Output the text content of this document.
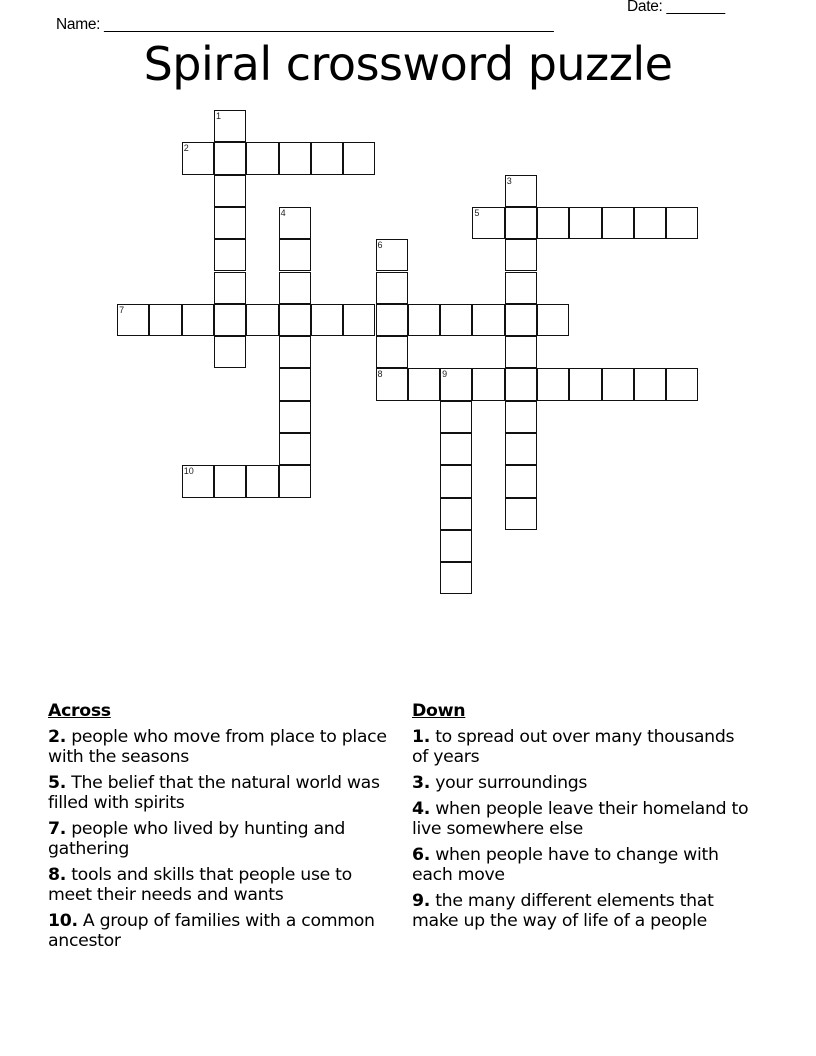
Name: ______________________________________________________

Date: _______

Spiral crossword puzzle
1
2
3
4	5
6
8
7
9
10
Across
2. people who move from place to place with the seasons
5. The belief that the natural world was filled with spirits
7. people who lived by hunting and gathering
8. tools and skills that people use to meet their needs and wants
10. A group of families with a common ancestor
Down
1. to spread out over many thousands of years
3. your surroundings
4. when people leave their homeland to live somewhere else
6. when people have to change with each move
9. the many different elements that make up the way of life of a people
